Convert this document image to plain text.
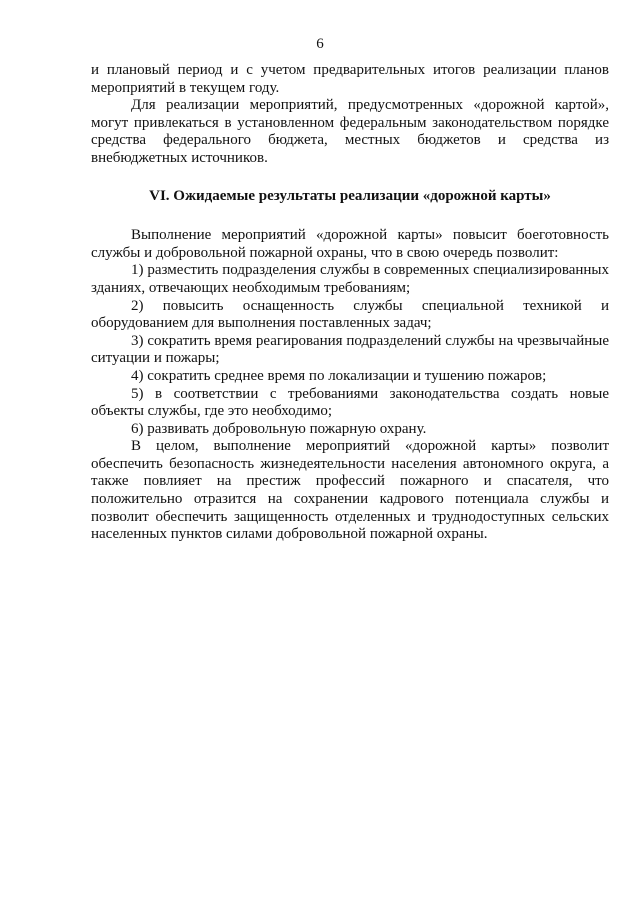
6

и плановый период и с учетом предварительных итогов реализации планов мероприятий в текущем году.

Для реализации мероприятий, предусмотренных «дорожной картой», могут привлекаться в установленном федеральным законодательством порядке средства федерального бюджета, местных бюджетов и средства из внебюджетных источников.

VI. Ожидаемые результаты реализации «дорожной карты»

Выполнение мероприятий «дорожной карты» повысит боеготовность службы и добровольной пожарной охраны, что в свою очередь позволит:

1) разместить подразделения службы в современных специализированных зданиях, отвечающих необходимым требованиям;

2) повысить оснащенность службы специальной техникой и оборудованием для выполнения поставленных задач;

3) сократить время реагирования подразделений службы на чрезвычайные ситуации и пожары;

4) сократить среднее время по локализации и тушению пожаров;

5) в соответствии с требованиями законодательства создать новые объекты службы, где это необходимо;

6) развивать добровольную пожарную охрану.

В целом, выполнение мероприятий «дорожной карты» позволит обеспечить безопасность жизнедеятельности населения автономного округа, а также повлияет на престиж профессий пожарного и спасателя, что положительно отразится на сохранении кадрового потенциала службы и позволит обеспечить защищенность отделенных и труднодоступных сельских населенных пунктов силами добровольной пожарной охраны.
